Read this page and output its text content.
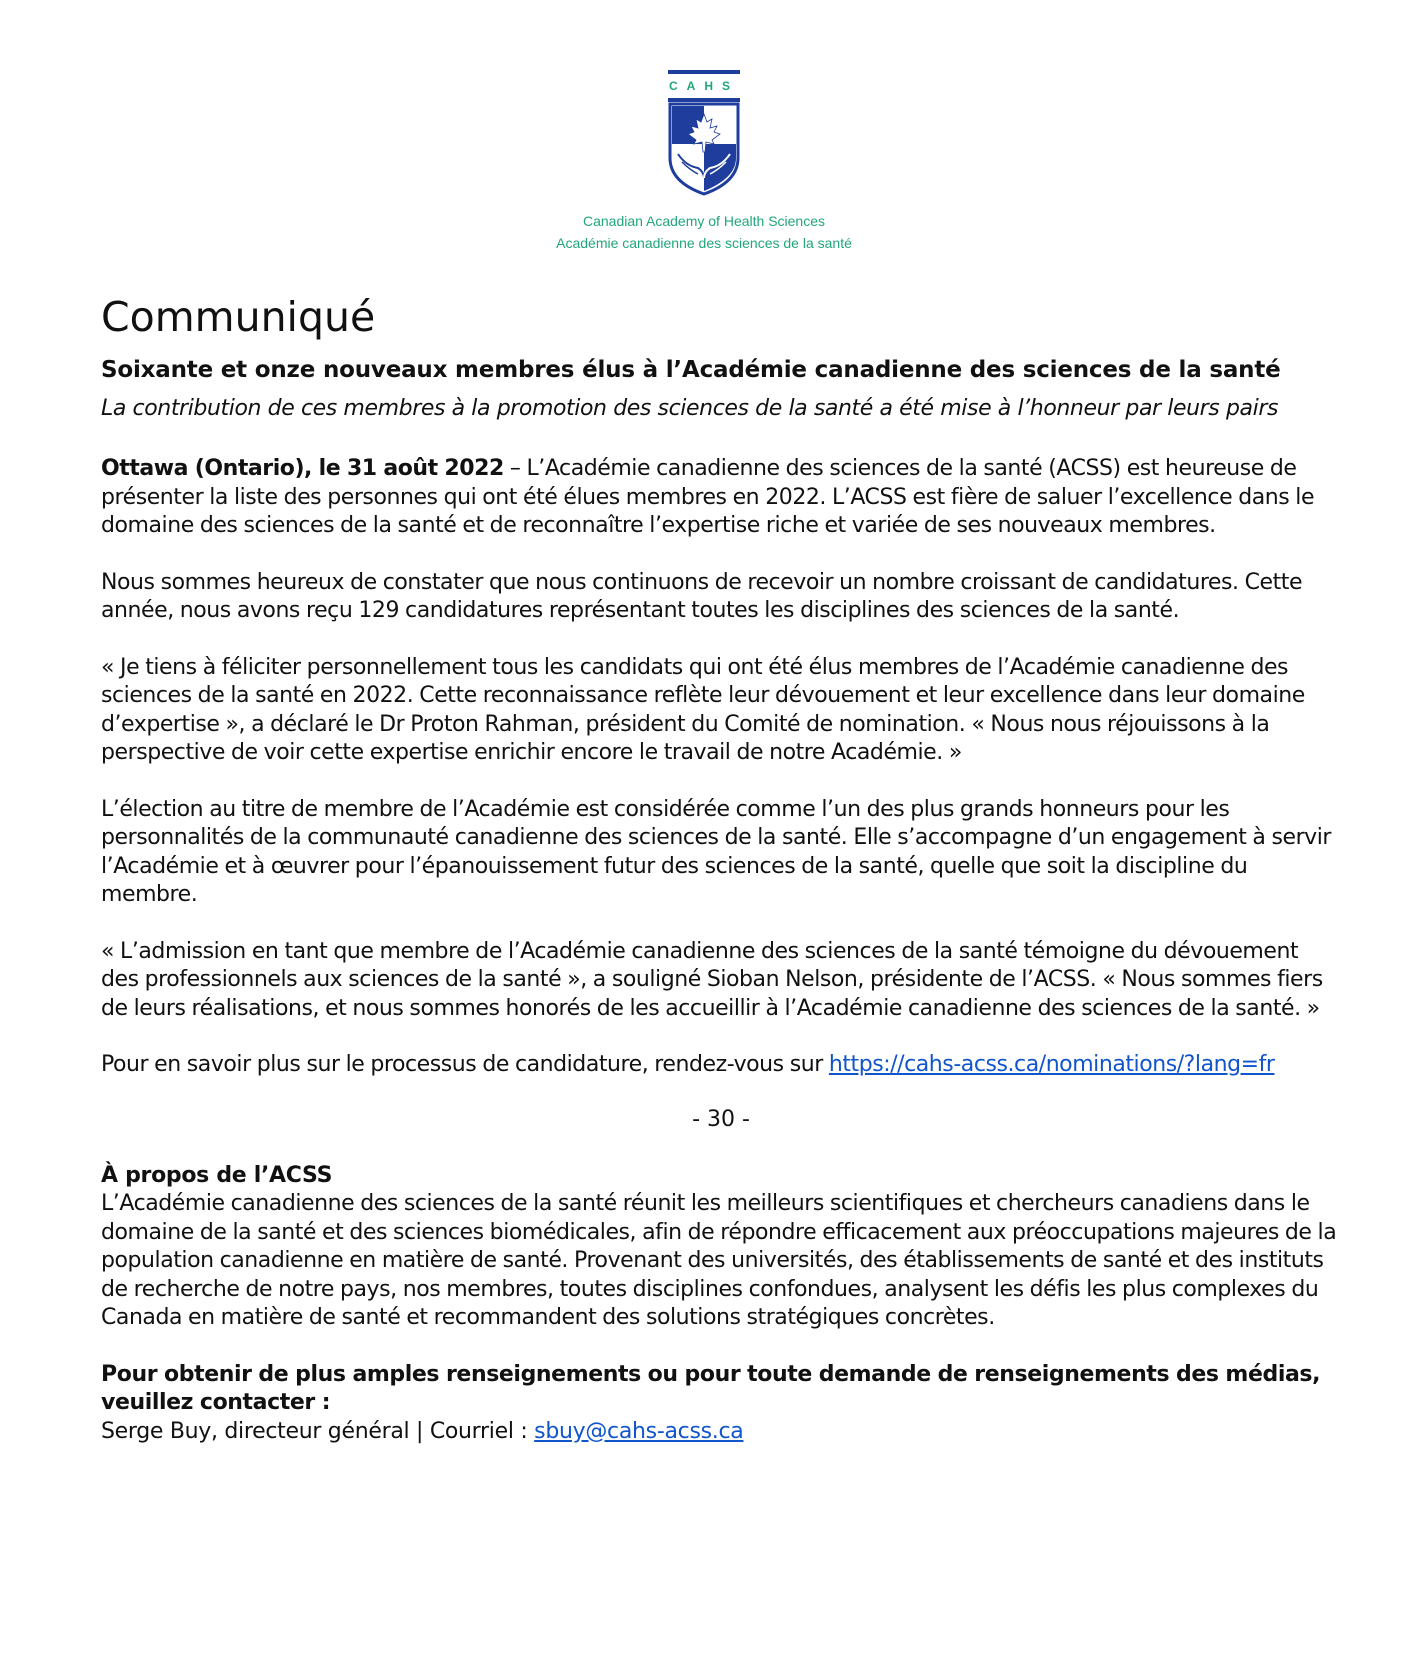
CAHS
Canadian Academy of Health Sciences
Académie canadienne des sciences de la santé
Communiqué
Soixante et onze nouveaux membres élus à l’Académie canadienne des sciences de la santé
La contribution de ces membres à la promotion des sciences de la santé a été mise à l’honneur par leurs pairs

Ottawa (Ontario), le 31 août 2022 – L’Académie canadienne des sciences de la santé (ACSS) est heureuse de présenter la liste des personnes qui ont été élues membres en 2022. L’ACSS est fière de saluer l’excellence dans le domaine des sciences de la santé et de reconnaître l’expertise riche et variée de ses nouveaux membres.

Nous sommes heureux de constater que nous continuons de recevoir un nombre croissant de candidatures. Cette année, nous avons reçu 129 candidatures représentant toutes les disciplines des sciences de la santé.

« Je tiens à féliciter personnellement tous les candidats qui ont été élus membres de l’Académie canadienne des sciences de la santé en 2022. Cette reconnaissance reflète leur dévouement et leur excellence dans leur domaine d’expertise », a déclaré le Dr Proton Rahman, président du Comité de nomination. « Nous nous réjouissons à la perspective de voir cette expertise enrichir encore le travail de notre Académie. »

L’élection au titre de membre de l’Académie est considérée comme l’un des plus grands honneurs pour les personnalités de la communauté canadienne des sciences de la santé. Elle s’accompagne d’un engagement à servir l’Académie et à œuvrer pour l’épanouissement futur des sciences de la santé, quelle que soit la discipline du membre.

« L’admission en tant que membre de l’Académie canadienne des sciences de la santé témoigne du dévouement des professionnels aux sciences de la santé », a souligné Sioban Nelson, présidente de l’ACSS. « Nous sommes fiers de leurs réalisations, et nous sommes honorés de les accueillir à l’Académie canadienne des sciences de la santé. »

Pour en savoir plus sur le processus de candidature, rendez-vous sur https://cahs-acss.ca/nominations/?lang=fr

- 30 -
À propos de l’ACSS

L’Académie canadienne des sciences de la santé réunit les meilleurs scientifiques et chercheurs canadiens dans le domaine de la santé et des sciences biomédicales, afin de répondre efficacement aux préoccupations majeures de la population canadienne en matière de santé. Provenant des universités, des établissements de santé et des instituts de recherche de notre pays, nos membres, toutes disciplines confondues, analysent les défis les plus complexes du Canada en matière de santé et recommandent des solutions stratégiques concrètes.

Pour obtenir de plus amples renseignements ou pour toute demande de renseignements des médias, veuillez contacter :

Serge Buy, directeur général | Courriel : sbuy@cahs-acss.ca
